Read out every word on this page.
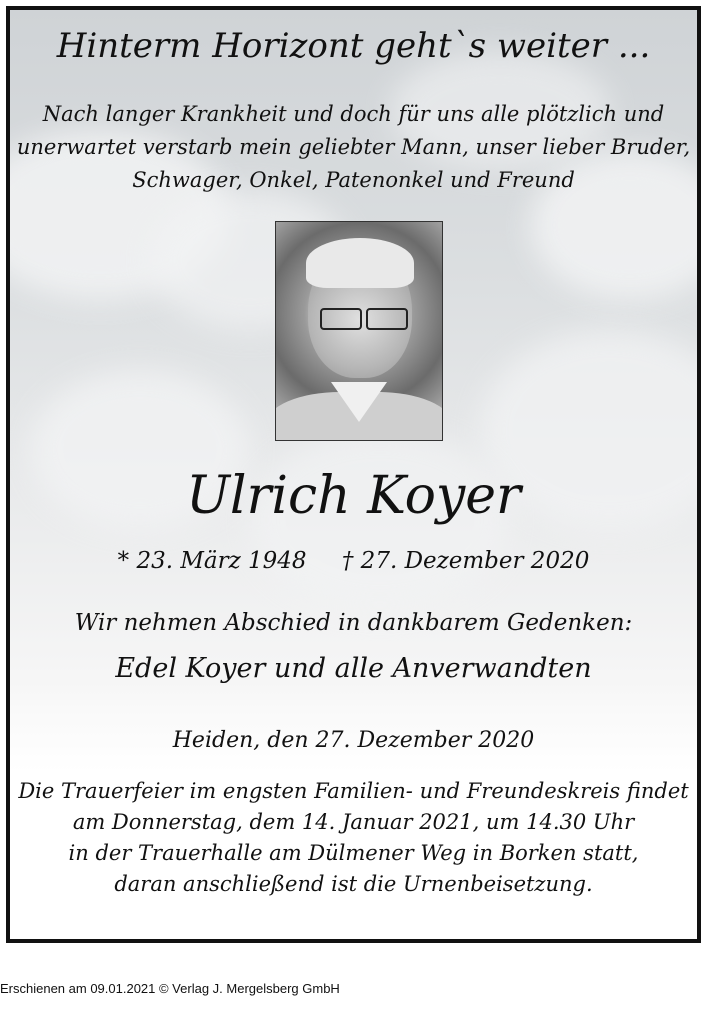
Hinterm Horizont geht`s weiter ...
Nach langer Krankheit und doch für uns alle plötzlich und
unerwartet verstarb mein geliebter Mann, unser lieber Bruder,
Schwager, Onkel, Patenonkel und Freund
Ulrich Koyer
* 23. März 1948 † 27. Dezember 2020
Wir nehmen Abschied in dankbarem Gedenken:
Edel Koyer und alle Anverwandten
Heiden, den 27. Dezember 2020
Die Trauerfeier im engsten Familien- und Freundeskreis findet
am Donnerstag, dem 14. Januar 2021, um 14.30 Uhr
in der Trauerhalle am Dülmener Weg in Borken statt,
daran anschließend ist die Urnenbeisetzung.
Erschienen am 09.01.2021 © Verlag J. Mergelsberg GmbH
